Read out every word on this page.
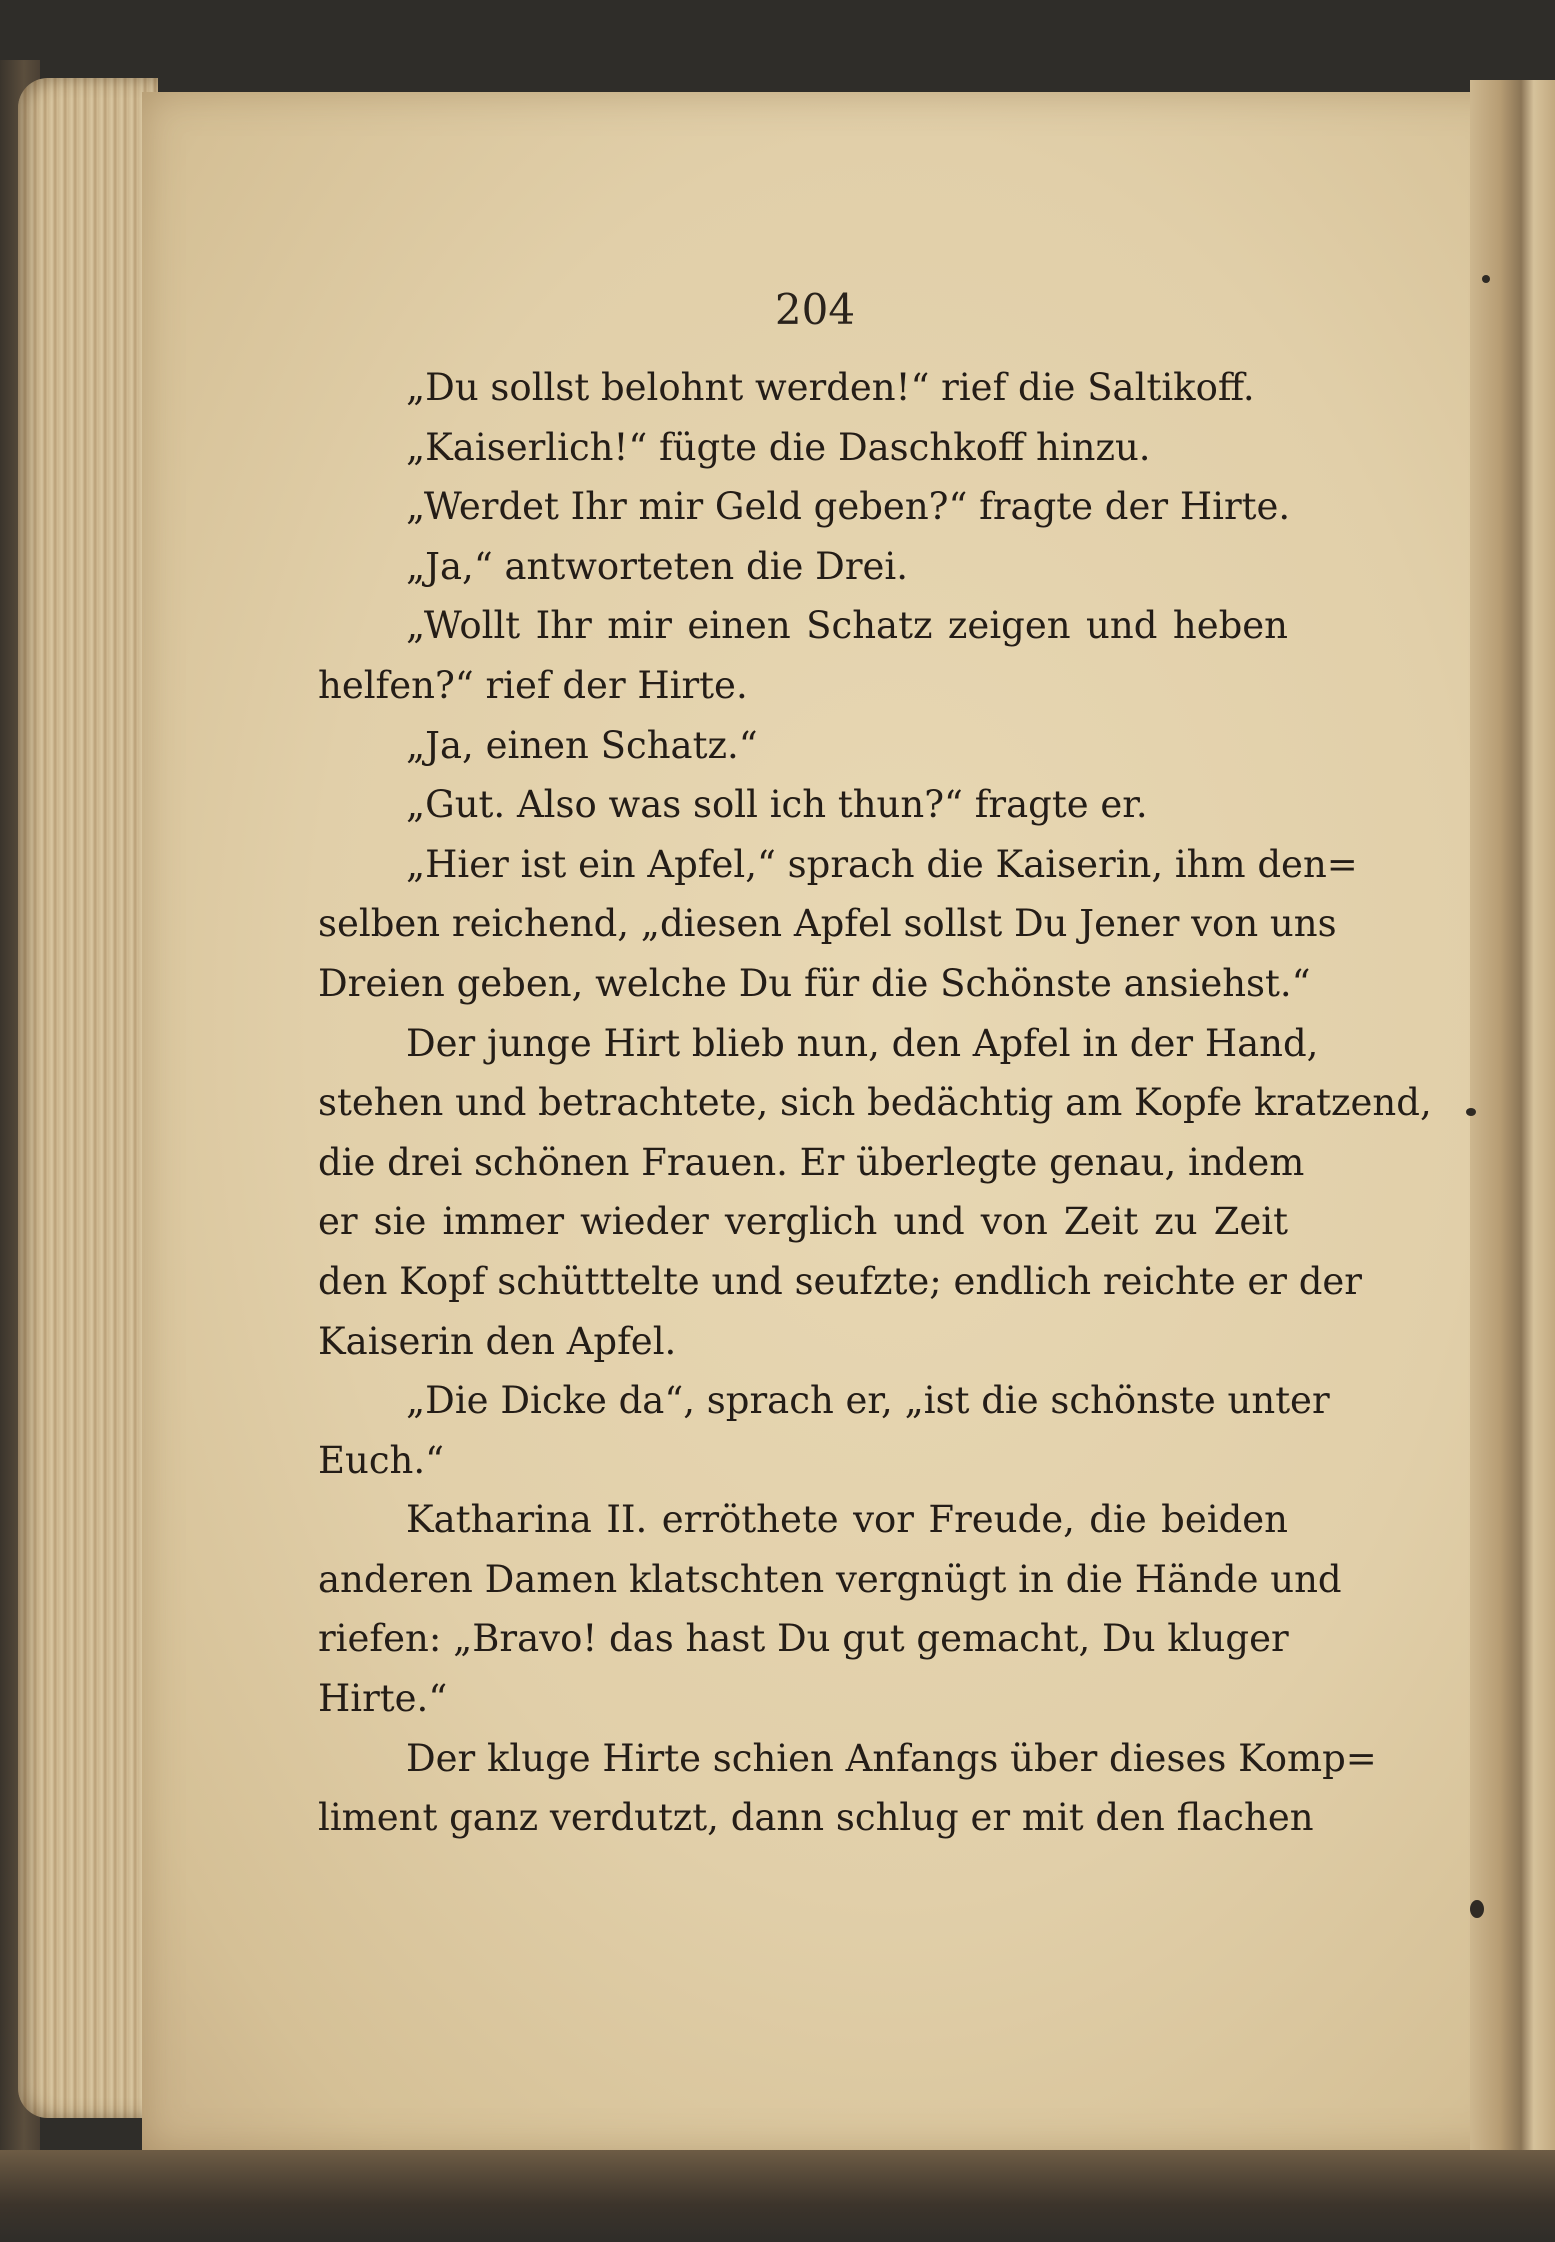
204
„Du sollst belohnt werden!“ rief die Saltikoff.
„Kaiserlich!“ fügte die Daschkoff hinzu.
„Werdet Ihr mir Geld geben?“ fragte der Hirte.
„Ja,“ antworteten die Drei.
„Wollt Ihr mir einen Schatz zeigen und heben
helfen?“ rief der Hirte.
„Ja, einen Schatz.“
„Gut. Also was soll ich thun?“ fragte er.
„Hier ist ein Apfel,“ sprach die Kaiserin, ihm den=
selben reichend, „diesen Apfel sollst Du Jener von uns
Dreien geben, welche Du für die Schönste ansiehst.“
Der junge Hirt blieb nun, den Apfel in der Hand,
stehen und betrachtete, sich bedächtig am Kopfe kratzend,
die drei schönen Frauen. Er überlegte genau, indem
er sie immer wieder verglich und von Zeit zu Zeit
den Kopf schütttelte und seufzte; endlich reichte er der
Kaiserin den Apfel.
„Die Dicke da“, sprach er, „ist die schönste unter
Euch.“
Katharina II. erröthete vor Freude, die beiden
anderen Damen klatschten vergnügt in die Hände und
riefen: „Bravo! das hast Du gut gemacht, Du kluger
Hirte.“
Der kluge Hirte schien Anfangs über dieses Komp=
liment ganz verdutzt, dann schlug er mit den flachen
